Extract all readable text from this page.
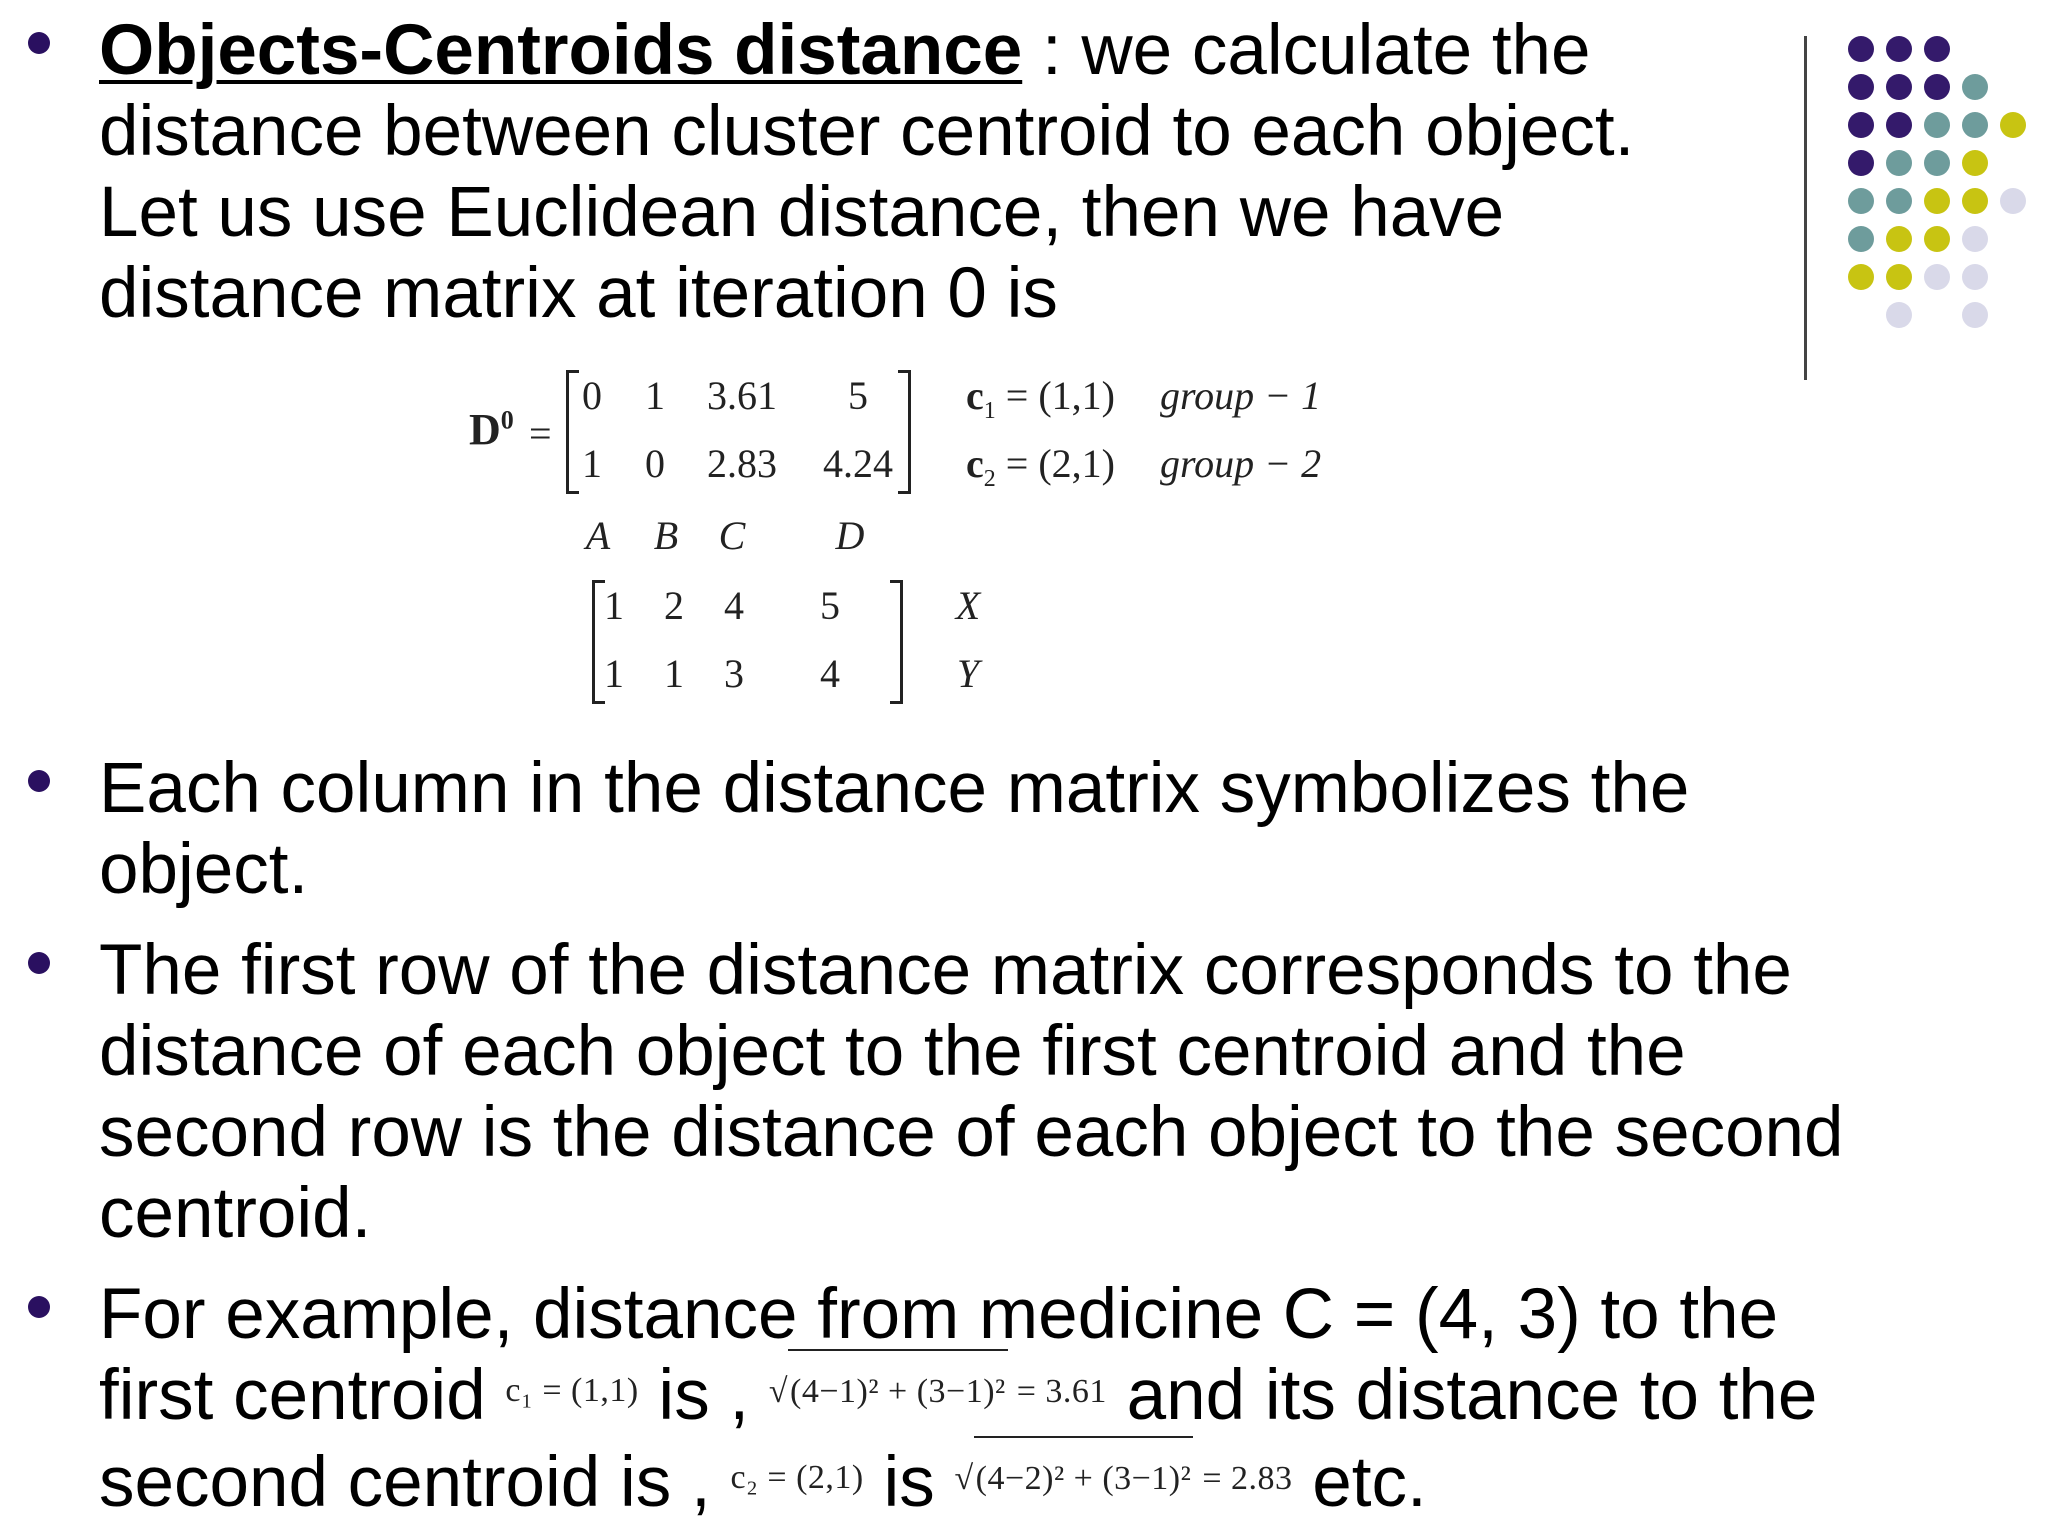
Objects-Centroids distance : we calculate the
distance between cluster centroid to each object.
Let us use Euclidean distance, then we have
distance matrix at iteration 0 is
$D^0$ =
0 1 3.61 5
1 0 2.83 4.24
$c_1 = (1,1)$ group − 1
$c_2 = (2,1)$ group − 2
A B C D
1 2 4 5
1 1 3 4
X
Y
Each column in the distance matrix symbolizes the
object.
The first row of the distance matrix corresponds to the
distance of each object to the first centroid and the
second row is the distance of each object to the second
centroid.
For example, distance from medicine C = (4, 3) to the
first centroid c₁ = (1,1) is , √(4−1)² + (3−1)² = 3.61 and its distance to the
second centroid is , c₂ = (2,1) is √(4−2)² + (3−1)² = 2.83 etc.
